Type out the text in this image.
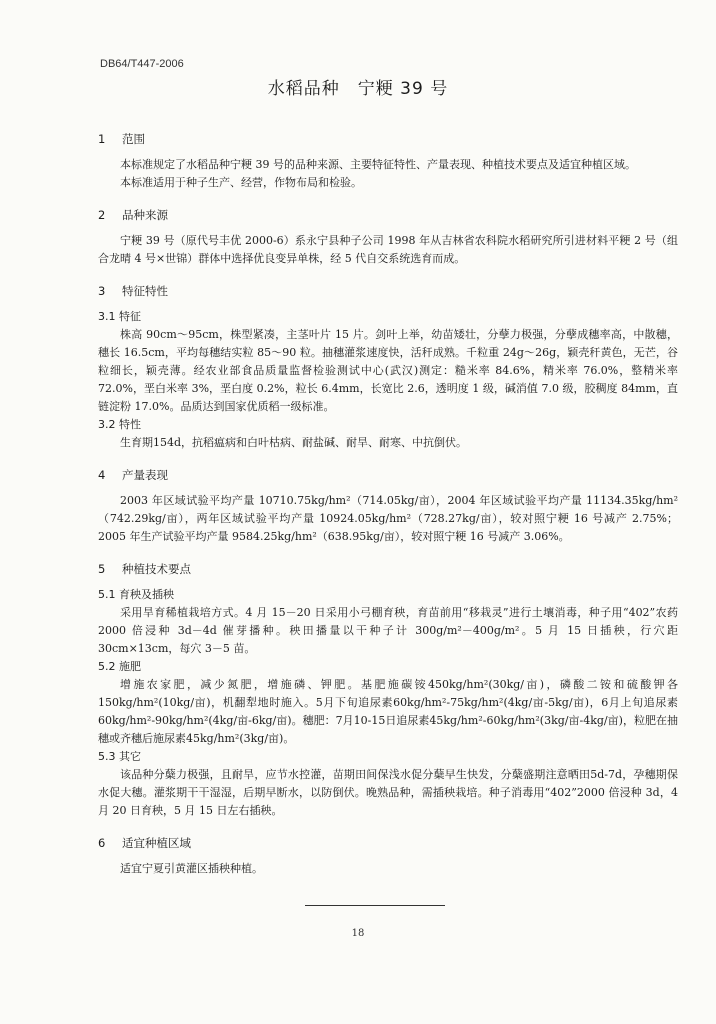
DB64/T447-2006
水稻品种　宁粳 39 号
1 范围

本标准规定了水稻品种宁粳 39 号的品种来源、主要特征特性、产量表现、种植技术要点及适宜种植区域。

本标准适用于种子生产、经营，作物布局和检验。

2 品种来源

宁粳 39 号（原代号丰优 2000-6）系永宁县种子公司 1998 年从吉林省农科院水稻研究所引进材料平粳 2 号（组合龙晴 4 号×世锦）群体中选择优良变异单株，经 5 代自交系统选育而成。

3 特征特性
3.1 特征

株高 90cm～95cm，株型紧凑，主茎叶片 15 片。剑叶上举，幼苗矮壮，分孽力极强，分孽成穗率高，中散穗，穗长 16.5cm，平均每穗结实粒 85～90 粒。抽穗灌浆速度快，活秆成熟。千粒重 24g～26g，颖壳秆黄色，无芒，谷粒细长，颖壳薄。经农业部食品质量监督检验测试中心(武汉)测定：糙米率 84.6%，精米率 76.0%，整精米率 72.0%，垩白米率 3%，垩白度 0.2%，粒长 6.4mm，长宽比 2.6，透明度 1 级，碱消值 7.0 级，胶稠度 84mm，直链淀粉 17.0%。品质达到国家优质稻一级标准。

3.2 特性

生育期154d，抗稻瘟病和白叶枯病、耐盐碱、耐旱、耐寒、中抗倒伏。

4 产量表现

2003 年区域试验平均产量 10710.75kg/hm²（714.05kg/亩），2004 年区域试验平均产量 11134.35kg/hm²（742.29kg/亩），两年区域试验平均产量 10924.05kg/hm²（728.27kg/亩），较对照宁粳 16 号减产 2.75%；2005 年生产试验平均产量 9584.25kg/hm²（638.95kg/亩），较对照宁粳 16 号减产 3.06%。

5 种植技术要点
5.1 育秧及插秧

采用旱育稀植栽培方式。4 月 15－20 日采用小弓棚育秧，育苗前用“移栽灵”进行土壤消毒，种子用“402”农药 2000 倍浸种 3d－4d 催芽播种。秧田播量以干种子计 300g/m²－400g/m²。5 月 15 日插秧，行穴距 30cm×13cm，每穴 3－5 苗。

5.2 施肥

增施农家肥，减少氮肥，增施磷、钾肥。基肥施碳铵450kg/hm²(30kg/亩)，磷酸二铵和硫酸钾各150kg/hm²(10kg/亩)，机翻犁地时施入。5月下旬追尿素60kg/hm²-75kg/hm²(4kg/亩-5kg/亩)，6月上旬追尿素60kg/hm²-90kg/hm²(4kg/亩-6kg/亩)。穗肥：7月10-15日追尿素45kg/hm²-60kg/hm²(3kg/亩-4kg/亩)，粒肥在抽穗或齐穗后施尿素45kg/hm²(3kg/亩)。

5.3 其它

该品种分蘖力极强，且耐旱，应节水控灌，苗期田间保浅水促分蘖早生快发，分蘖盛期注意晒田5d-7d，孕穗期保水促大穗。灌浆期干干湿湿，后期早断水，以防倒伏。晚熟品种，需插秧栽培。种子消毒用“402”2000 倍浸种 3d，4 月 20 日育秧，5 月 15 日左右插秧。

6 适宜种植区域

适宜宁夏引黄灌区插秧种植。

18
